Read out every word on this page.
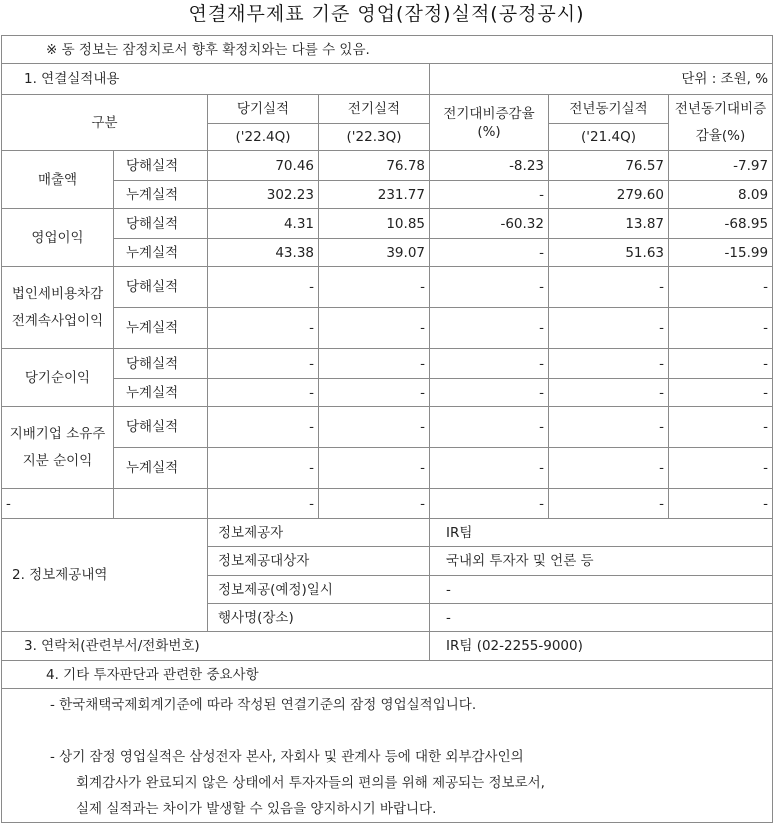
연결재무제표 기준 영업(잠정)실적(공정공시)
※ 동 정보는 잠정치로서 향후 확정치와는 다를 수 있음.						
1. 연결실적내용				단위 : 조원, %		
구분		당기실적	전기실적	전기대비증감율(%)	전년동기실적	전년동기대비증감율(%)
		('22.4Q)	('22.3Q)		('21.4Q)	
매출액	당해실적	70.46	76.78	-8.23	76.57	-7.97
	누계실적	302.23	231.77	-	279.60	8.09
영업이익	당해실적	4.31	10.85	-60.32	13.87	-68.95
	누계실적	43.38	39.07	-	51.63	-15.99
법인세비용차감전계속사업이익	당해실적	-	-	-	-	-
	누계실적	-	-	-	-	-
당기순이익	당해실적	-	-	-	-	-
	누계실적	-	-	-	-	-
지배기업 소유주지분 순이익	당해실적	-	-	-	-	-
	누계실적	-	-	-	-	-
-		-	-	-	-	-
2. 정보제공내역		정보제공자		IR팀		
		정보제공대상자		국내외 투자자 및 언론 등		
		정보제공(예정)일시		-		
		행사명(장소)		-		
3. 연락처(관련부서/전화번호)				IR팀 (02-2255-9000)		
4. 기타 투자판단과 관련한 중요사항						

- 한국채택국제회계기준에 따라 작성된 연결기준의 잠정 영업실적입니다.

- 상기 잠정 영업실적은 삼성전자 본사, 자회사 및 관계사 등에 대한 외부감사인의

회계감사가 완료되지 않은 상태에서 투자자들의 편의를 위해 제공되는 정보로서,

실제 실적과는 차이가 발생할 수 있음을 양지하시기 바랍니다.						
